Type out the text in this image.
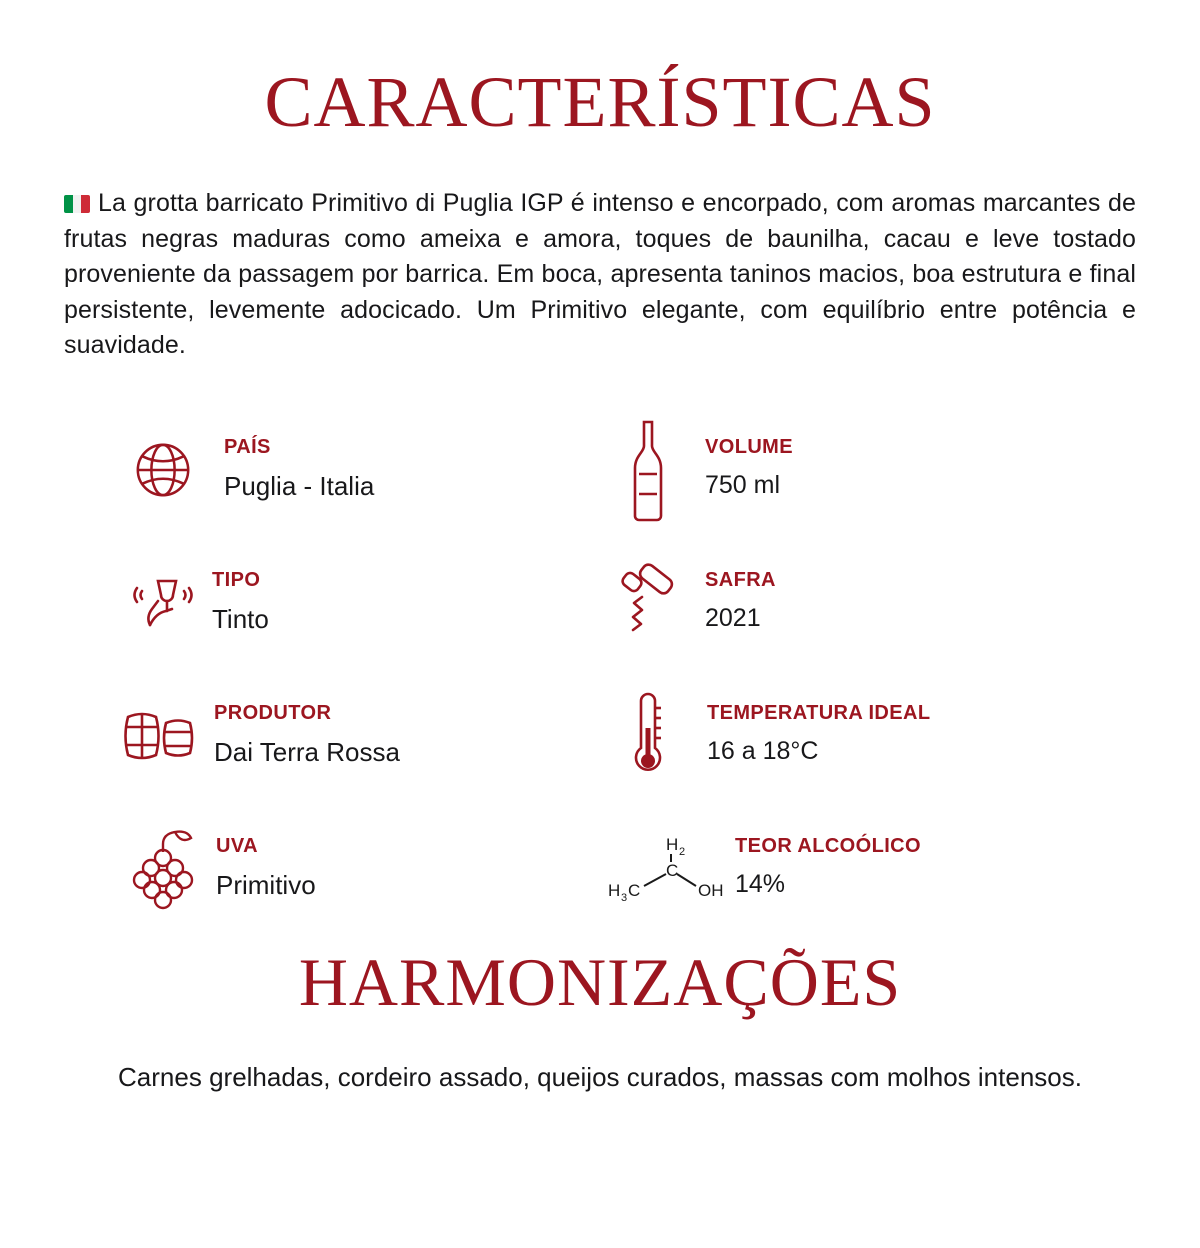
CARACTERÍSTICAS

La grotta barricato Primitivo di Puglia IGP é intenso e encorpado, com aromas marcantes de frutas negras maduras como ameixa e amora, toques de baunilha, cacau e leve tostado proveniente da passagem por barrica. Em boca, apresenta taninos macios, boa estrutura e final persistente, levemente adocicado. Um Primitivo elegante, com equilíbrio entre potência e suavidade.

PAÍS
Puglia - Italia
VOLUME
750 ml
TIPO
Tinto
SAFRA
2021
PRODUTOR
Dai Terra Rossa
TEMPERATURA IDEAL
16 a 18°C
UVA
Primitivo
H 2
C
H 3 C	OH
TEOR ALCOÓLICO
14%
HARMONIZAÇÕES

Carnes grelhadas, cordeiro assado, queijos curados, massas com molhos intensos.
